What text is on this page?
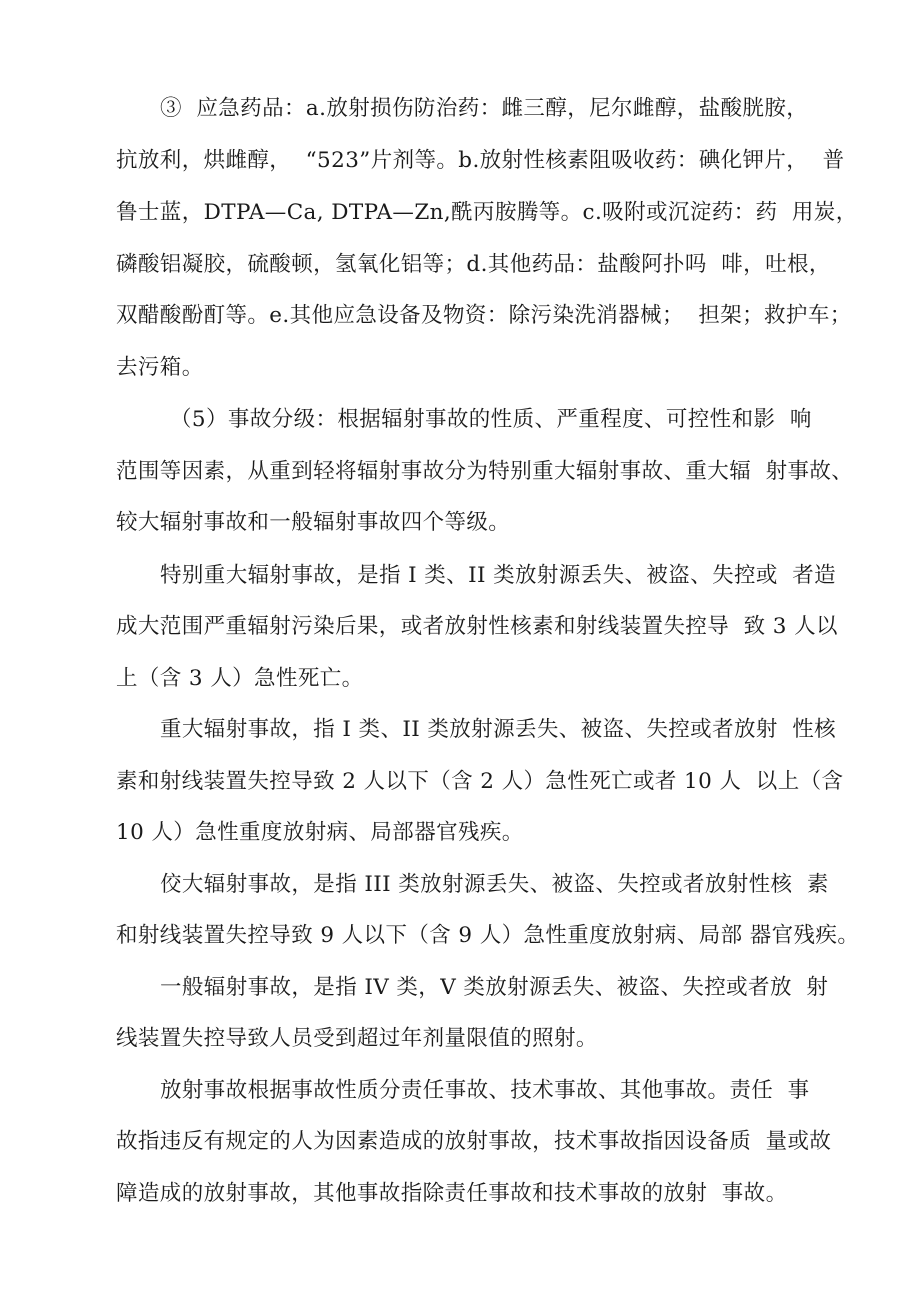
③  应急药品：a.放射损伤防治药：雌三醇，尼尔雌醇，盐酸胱胺，

抗放利，烘雌醇，  “523”片剂等。b.放射性核素阻吸收药：碘化钾片，  普

鲁士蓝，DTPA—Ca, DTPA—Zn,酰丙胺腾等。c.吸附或沉淀药：药  用炭，

磷酸铝凝胶，硫酸顿，氢氧化铝等；d.其他药品：盐酸阿扑吗  啡，吐根，

双醋酸酚酊等。e.其他应急设备及物资：除污染洗消器械；  担架；救护车；

去污箱。

（5）事故分级：根据辐射事故的性质、严重程度、可控性和影  响

范围等因素，从重到轻将辐射事故分为特别重大辐射事故、重大辐  射事故、

较大辐射事故和一般辐射事故四个等级。

特别重大辐射事故，是指 I 类、II 类放射源丢失、被盗、失控或  者造

成大范围严重辐射污染后果，或者放射性核素和射线装置失控导  致 3 人以

上（含 3 人）急性死亡。

重大辐射事故，指 I 类、II 类放射源丢失、被盗、失控或者放射  性核

素和射线装置失控导致 2 人以下（含 2 人）急性死亡或者 10 人  以上（含

10 人）急性重度放射病、局部器官残疾。

佼大辐射事故，是指 III 类放射源丢失、被盗、失控或者放射性核  素

和射线装置失控导致 9 人以下（含 9 人）急性重度放射病、局部 器官残疾。

一般辐射事故，是指 IV 类，V 类放射源丢失、被盗、失控或者放  射

线装置失控导致人员受到超过年剂量限值的照射。

放射事故根据事故性质分责任事故、技术事故、其他事故。责任  事

故指违反有规定的人为因素造成的放射事故，技术事故指因设备质  量或故

障造成的放射事故，其他事故指除责任事故和技术事故的放射  事故。
